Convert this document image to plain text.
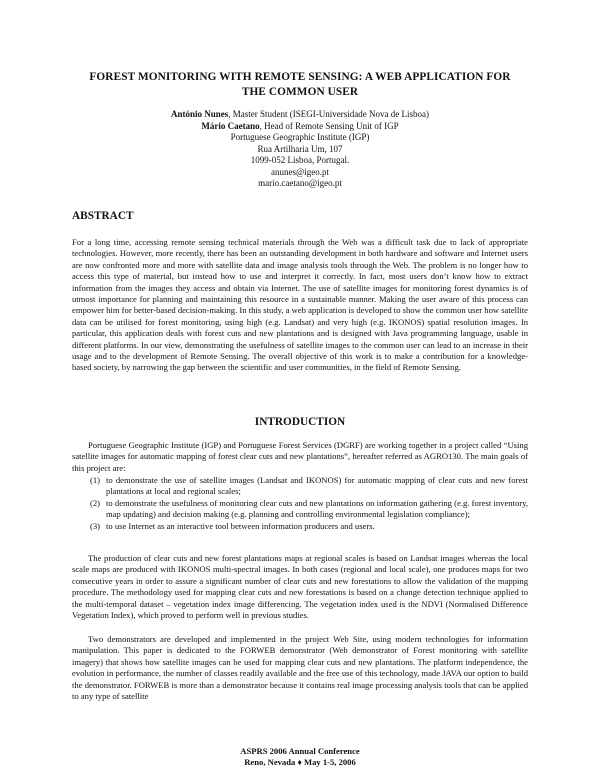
FOREST MONITORING WITH REMOTE SENSING: A WEB APPLICATION FOR
THE COMMON USER
António Nunes, Master Student (ISEGI-Universidade Nova de Lisboa)
Mário Caetano, Head of Remote Sensing Unit of IGP
Portuguese Geographic Institute (IGP)
Rua Artilharia Um, 107
1099-052 Lisboa, Portugal.
anunes@igeo.pt
mario.caetano@igeo.pt
ABSTRACT
For a long time, accessing remote sensing technical materials through the Web was a difficult task due to lack of appropriate technologies. However, more recently, there has been an outstanding development in both hardware and software and Internet users are now confronted more and more with satellite data and image analysis tools through the Web. The problem is no longer how to access this type of material, but instead how to use and interpret it correctly. In fact, most users don’t know how to extract information from the images they access and obtain via Internet. The use of satellite images for monitoring forest dynamics is of utmost importance for planning and maintaining this resource in a sustainable manner. Making the user aware of this process can empower him for better-based decision-making. In this study, a web application is developed to show the common user how satellite data can be utilised for forest monitoring, using high (e.g. Landsat) and very high (e.g. IKONOS) spatial resolution images. In particular, this application deals with forest cuts and new plantations and is designed with Java programming language, usable in different platforms. In our view, demonstrating the usefulness of satellite images to the common user can lead to an increase in their usage and to the development of Remote Sensing. The overall objective of this work is to make a contribution for a knowledge-based society, by narrowing the gap between the scientific and user communities, in the field of Remote Sensing.
INTRODUCTION
Portuguese Geographic Institute (IGP) and Portuguese Forest Services (DGRF) are working together in a project called “Using satellite images for automatic mapping of forest clear cuts and new plantations”, hereafter referred as AGRO130. The main goals of this project are:
(1) to demonstrate the use of satellite images (Landsat and IKONOS) for automatic mapping of clear cuts and new forest plantations at local and regional scales;
(2) to demonstrate the usefulness of monitoring clear cuts and new plantations on information gathering (e.g. forest inventory, map updating) and decision making (e.g. planning and controlling environmental legislation compliance);
(3) to use Internet as an interactive tool between information producers and users.
The production of clear cuts and new forest plantations maps at regional scales is based on Landsat images whereas the local scale maps are produced with IKONOS multi-spectral images. In both cases (regional and local scale), one produces maps for two consecutive years in order to assure a significant number of clear cuts and new forestations to allow the validation of the mapping procedure. The methodology used for mapping clear cuts and new forestations is based on a change detection technique applied to the multi-temporal dataset – vegetation index image differencing. The vegetation index used is the NDVI (Normalised Difference Vegetation Index), which proved to perform well in previous studies.
Two demonstrators are developed and implemented in the project Web Site, using modern technologies for information manipulation. This paper is dedicated to the FORWEB demonstrator (Web demonstrator of Forest monitoring with satellite imagery) that shows how satellite images can be used for mapping clear cuts and new plantations. The platform independence, the evolution in performance, the number of classes readily available and the free use of this technology, made JAVA our option to build the demonstrator. FORWEB is more than a demonstrator because it contains real image processing analysis tools that can be applied to any type of satellite
ASPRS 2006 Annual Conference
Reno, Nevada ♦ May 1-5, 2006
